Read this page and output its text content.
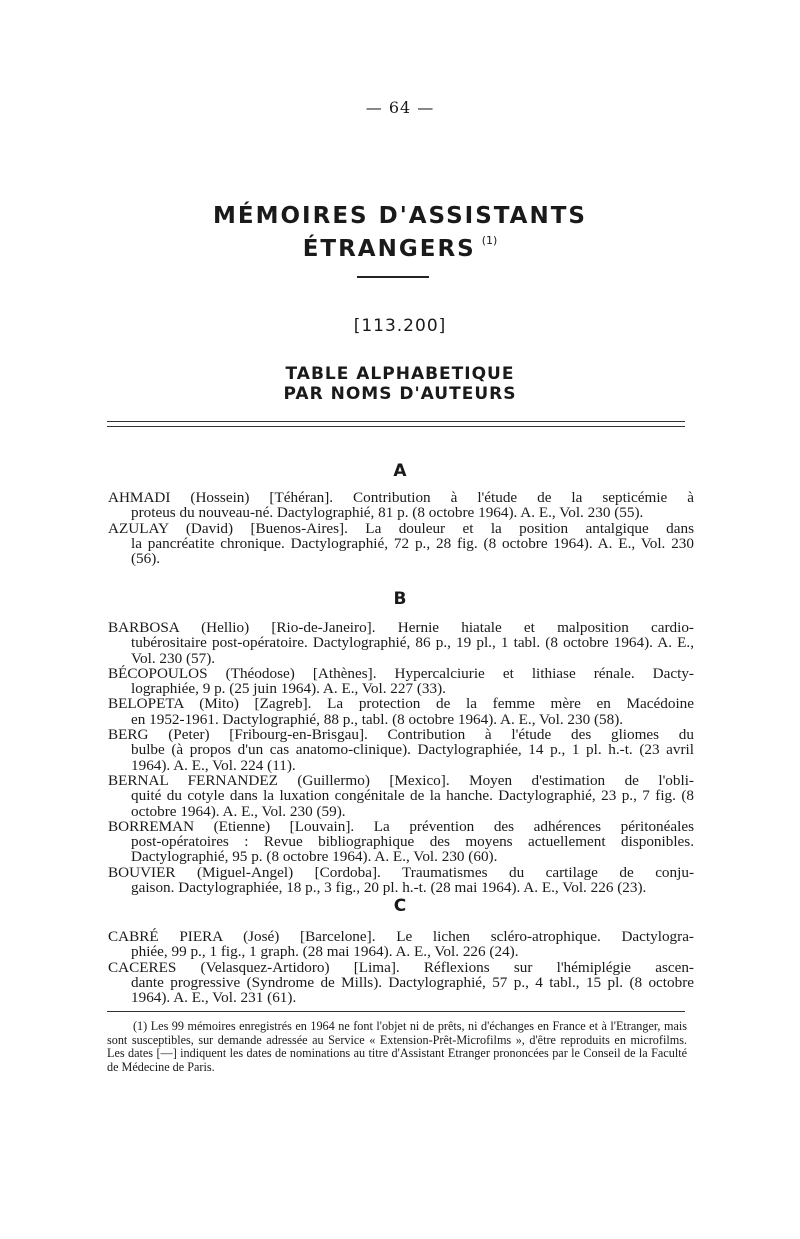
— 64 —
MÉMOIRES D'ASSISTANTS
ÉTRANGERS $^{(1)}$
[113.200]
TABLE ALPHABETIQUE
PAR NOMS D'AUTEURS
A
AHMADI (Hossein) [Téhéran]. Contribution à l'étude de la septicémie à
proteus du nouveau-né. Dactylographié, 81 p. (8 octobre 1964). A. E., Vol. 230 (55).
AZULAY (David) [Buenos-Aires]. La douleur et la position antalgique dans
la pancréatite chronique. Dactylographié, 72 p., 28 fig. (8 octobre 1964). A. E., Vol. 230 (56).
B
BARBOSA (Hellio) [Rio-de-Janeiro]. Hernie hiatale et malposition cardio-
tubérositaire post-opératoire. Dactylographié, 86 p., 19 pl., 1 tabl. (8 octobre 1964). A. E., Vol. 230 (57).
BÉCOPOULOS (Théodose) [Athènes]. Hypercalciurie et lithiase rénale. Dacty-
lographiée, 9 p. (25 juin 1964). A. E., Vol. 227 (33).
BELOPETA (Mito) [Zagreb]. La protection de la femme mère en Macédoine
en 1952-1961. Dactylographié, 88 p., tabl. (8 octobre 1964). A. E., Vol. 230 (58).
BERG (Peter) [Fribourg-en-Brisgau]. Contribution à l'étude des gliomes du
bulbe (à propos d'un cas anatomo-clinique). Dactylographiée, 14 p., 1 pl. h.-t. (23 avril 1964). A. E., Vol. 224 (11).
BERNAL FERNANDEZ (Guillermo) [Mexico]. Moyen d'estimation de l'obli-
quité du cotyle dans la luxation congénitale de la hanche. Dactylographié, 23 p., 7 fig. (8 octobre 1964). A. E., Vol. 230 (59).
BORREMAN (Etienne) [Louvain]. La prévention des adhérences péritonéales
post-opératoires : Revue bibliographique des moyens actuellement disponibles. Dactylographié, 95 p. (8 octobre 1964). A. E., Vol. 230 (60).
BOUVIER (Miguel-Angel) [Cordoba]. Traumatismes du cartilage de conju-
gaison. Dactylographiée, 18 p., 3 fig., 20 pl. h.-t. (28 mai 1964). A. E., Vol. 226 (23).
C
CABRÉ PIERA (José) [Barcelone]. Le lichen scléro-atrophique. Dactylogra-
phiée, 99 p., 1 fig., 1 graph. (28 mai 1964). A. E., Vol. 226 (24).
CACERES (Velasquez-Artidoro) [Lima]. Réflexions sur l'hémiplégie ascen-
dante progressive (Syndrome de Mills). Dactylographié, 57 p., 4 tabl., 15 pl. (8 octobre 1964). A. E., Vol. 231 (61).
(1) Les 99 mémoires enregistrés en 1964 ne font l'objet ni de prêts, ni d'échanges en France et à l'Etranger, mais sont susceptibles, sur demande adressée au Service « Extension-Prêt-Microfilms », d'être reproduits en microfilms. Les dates [—] indiquent les dates de nominations au titre d'Assistant Etranger prononcées par le Conseil de la Faculté de Médecine de Paris.
